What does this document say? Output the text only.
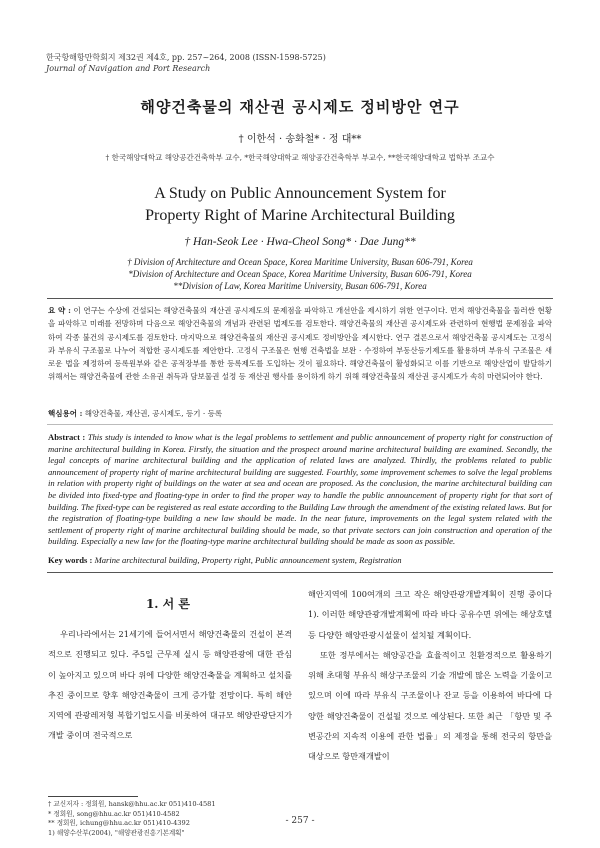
한국항해항만학회지 제32권 제4호, pp. 257~264, 2008 (ISSN-1598-5725)
Journal of Navigation and Port Research
해양건축물의 재산권 공시제도 정비방안 연구
† 이한석 · 송화철* · 정 대**
† 한국해양대학교 해양공간건축학부 교수, *한국해양대학교 해양공간건축학부 부교수, **한국해양대학교 법학부 조교수
A Study on Public Announcement System for
Property Right of Marine Architectural Building
† Han-Seok Lee · Hwa-Cheol Song* · Dae Jung**
† Division of Architecture and Ocean Space, Korea Maritime University, Busan 606-791, Korea
*Division of Architecture and Ocean Space, Korea Maritime University, Busan 606-791, Korea
**Division of Law, Korea Maritime University, Busan 606-791, Korea
요 약 : 이 연구는 수상에 건설되는 해양건축물의 재산권 공시제도의 문제점을 파악하고 개선안을 제시하기 위한 연구이다. 먼저 해양건축물을 둘러싼 현황을 파악하고 미래를 전망하며 다음으로 해양건축물의 개념과 관련된 법제도를 검토한다. 해양건축물의 재산권 공시제도와 관련하여 현행법 문제점을 파악하여 각종 불건의 공시제도를 검토한다. 마지막으로 해양건축물의 재산권 공시제도 정비방안을 제시한다. 연구 결론으로서 해양건축물 공시제도는 고정식과 부유식 구조물로 나누어 적합한 공시제도를 제안한다. 고정식 구조물은 현행 건축법을 보완 · 수정하여 부동산등기제도를 활용하며 부유식 구조물은 새로운 법을 제정하여 등록원부와 같은 공적장부를 통한 등록제도를 도입하는 것이 필요하다. 해양건축물이 활성화되고 이를 기반으로 해양산업이 발달하기 위해서는 해양건축물에 관한 소유권 취득과 담보물권 설정 등 재산권 행사를 용이하게 하기 위해 해양건축물의 재산권 공시제도가 속히 마련되어야 한다.
핵심용어 : 해양건축물, 재산권, 공시제도, 등기 · 등록
Abstract : This study is intended to know what is the legal problems to settlement and public announcement of property right for construction of marine architectural building in Korea. Firstly, the situation and the prospect around marine architectural building are examined. Secondly, the legal concepts of marine architectural building and the application of related laws are analyzed. Thirdly, the problems related to public announcement of property right of marine architectural building are suggested. Fourthly, some improvement schemes to solve the legal problems in relation with property right of buildings on the water at sea and ocean are proposed. As the conclusion, the marine architectural building can be divided into fixed-type and floating-type in order to find the proper way to handle the public announcement of property right for that sort of building. The fixed-type can be registered as real estate according to the Building Law through the amendment of the existing related laws. But for the registration of floating-type building a new law should be made. In the near future, improvements on the legal system related with the settlement of property right of marine architectural building should be made, so that private sectors can join construction and operation of the building. Especially a new law for the floating-type marine architectural building should be made as soon as possible.
Key words : Marine architectural building, Property right, Public announcement system, Registration
1. 서 론

우리나라에서는 21세기에 들어서면서 해양건축물의 건설이 본격적으로 진행되고 있다. 주5일 근무제 실시 등 해양관광에 대한 관심이 높아지고 있으며 바다 위에 다양한 해양건축물을 계획하고 설치를 추진 중이므로 향후 해양건축물이 크게 증가할 전망이다. 특히 해안지역에 관광레저형 복합기업도시를 비롯하여 대규모 해양관광단지가 개발 중이며 전국적으로

해안지역에 100여개의 크고 작은 해양관광개발계획이 진행 중이다1). 이러한 해양관광개발계획에 따라 바다 공유수면 위에는 해상호텔 등 다양한 해양관광시설물이 설치될 계획이다.

또한 정부에서는 해양공간을 효율적이고 친환경적으로 활용하기 위해 초대형 부유식 해상구조물의 기술 개발에 많은 노력을 기울이고 있으며 이에 따라 부유식 구조물이나 잔교 등을 이용하여 바다에 다양한 해양건축물이 건설될 것으로 예상된다. 또한 최근 「항만 및 주변공간의 지속적 이용에 관한 법률」의 제정을 통해 전국의 항만을 대상으로 항만재개발이

† 교신저자 : 정회원, hansk@hhu.ac.kr 051)410-4581
* 정회원, song@hhu.ac.kr 051)410-4582
** 정회원, ichung@hhu.ac.kr 051)410-4392
1) 해양수산부(2004), "해양관광진흥기본계획"
- 257 -
